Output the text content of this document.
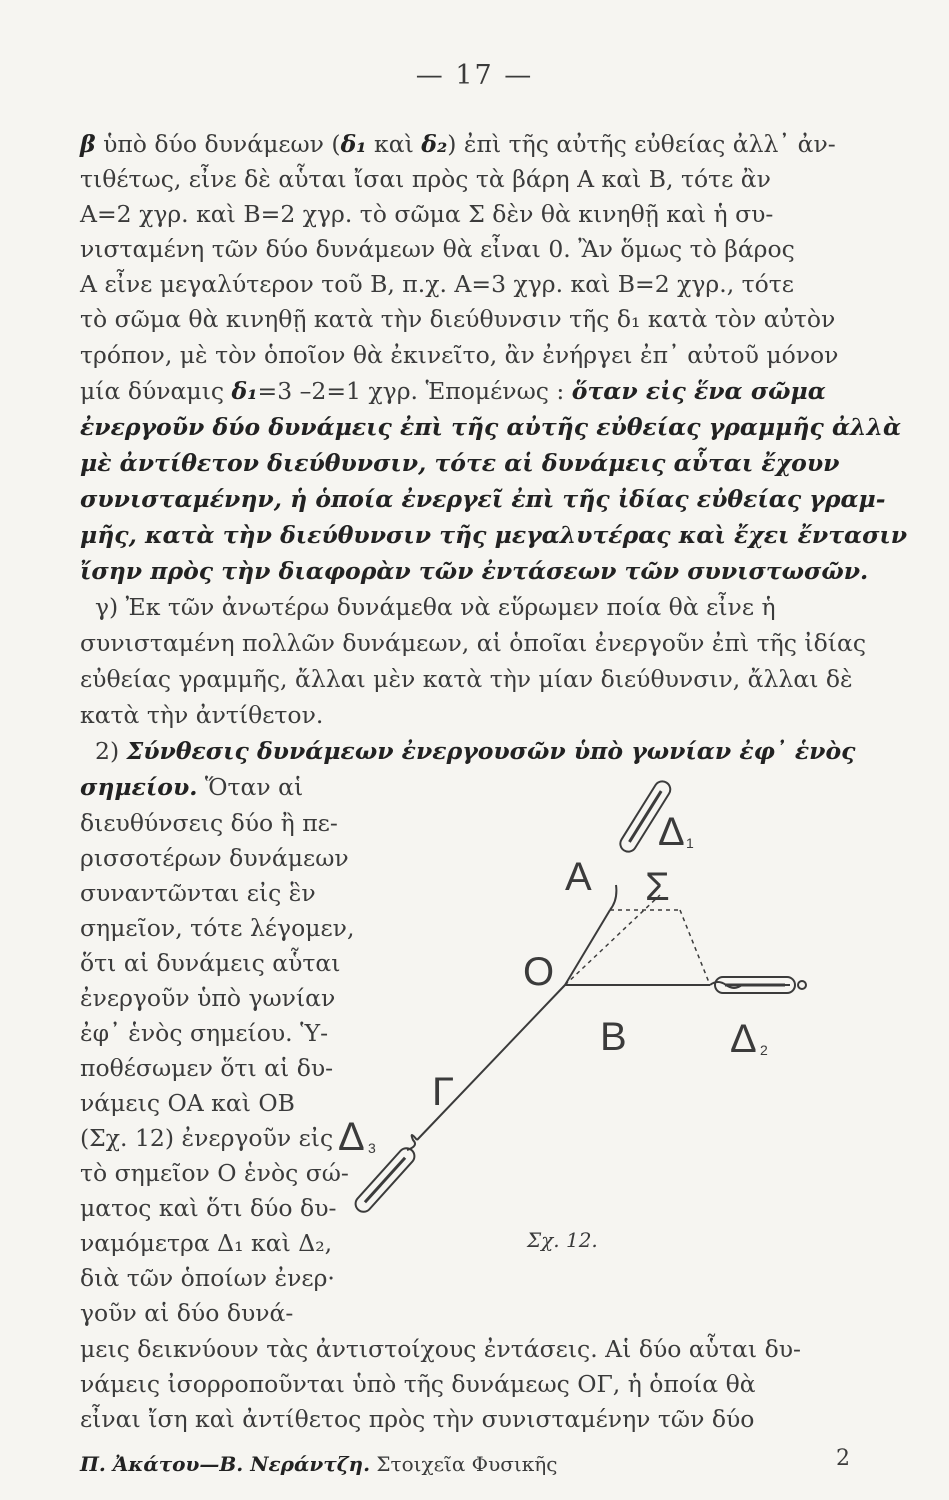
— 17 —
β ὑπὸ δύο δυνάμεων (δ₁ καὶ δ₂) ἐπὶ τῆς αὐτῆς εὐθείας ἀλλ᾽ ἀν-
τιθέτως, εἶνε δὲ αὗται ἴσαι πρὸς τὰ βάρη Α καὶ Β, τότε ἂν
Α=2 χγρ. καὶ Β=2 χγρ. τὸ σῶμα Σ δὲν θὰ κινηθῇ καὶ ἡ συ-
νισταμένη τῶν δύο δυνάμεων θὰ εἶναι 0. Ἂν ὅμως τὸ βάρος
Α εἶνε μεγαλύτερον τοῦ Β, π.χ. Α=3 χγρ. καὶ Β=2 χγρ., τότε
τὸ σῶμα θὰ κινηθῇ κατὰ τὴν διεύθυνσιν τῆς δ₁ κατὰ τὸν αὐτὸν
τρόπον, μὲ τὸν ὁποῖον θὰ ἐκινεῖτο, ἂν ἐνήργει ἐπ᾽ αὐτοῦ μόνον
μία δύναμις δ₁=3 –2=1 χγρ. Ἑπομένως : ὅταν εἰς ἕνα σῶμα
ἐνεργοῦν δύο δυνάμεις ἐπὶ τῆς αὐτῆς εὐθείας γραμμῆς ἀλλὰ
μὲ ἀντίθετον διεύθυνσιν, τότε αἱ δυνάμεις αὗται ἔχουν
συνισταμένην, ἡ ὁποία ἐνεργεῖ ἐπὶ τῆς ἰδίας εὐθείας γραμ-
μῆς, κατὰ τὴν διεύθυνσιν τῆς μεγαλυτέρας καὶ ἔχει ἔντασιν
ἴσην πρὸς τὴν διαφορὰν τῶν ἐντάσεων τῶν συνιστωσῶν.
γ) Ἐκ τῶν ἀνωτέρω δυνάμεθα νὰ εὕρωμεν ποία θὰ εἶνε ἡ
συνισταμένη πολλῶν δυνάμεων, αἱ ὁποῖαι ἐνεργοῦν ἐπὶ τῆς ἰδίας
εὐθείας γραμμῆς, ἄλλαι μὲν κατὰ τὴν μίαν διεύθυνσιν, ἄλλαι δὲ
κατὰ τὴν ἀντίθετον.
2) Σύνθεσις δυνάμεων ἐνεργουσῶν ὑπὸ γωνίαν ἐφ᾽ ἑνὸς
σημείου. Ὅταν αἱ
διευθύνσεις δύο ἢ πε-
ρισσοτέρων δυνάμεων
συναντῶνται εἰς ἓν
σημεῖον, τότε λέγομεν,
ὅτι αἱ δυνάμεις αὗται
ἐνεργοῦν ὑπὸ γωνίαν
ἐφ᾽ ἑνὸς σημείου. Ὑ-
ποθέσωμεν ὅτι αἱ δυ-
νάμεις ΟΑ καὶ ΟΒ
(Σχ. 12) ἐνεργοῦν εἰς
τὸ σημεῖον Ο ἑνὸς σώ-
ματος καὶ ὅτι δύο δυ-
ναμόμετρα Δ₁ καὶ Δ₂,
διὰ τῶν ὁποίων ἐνερ·
γοῦν αἱ δύο δυνά-
μεις δεικνύουν τὰς ἀντιστοίχους ἐντάσεις. Αἱ δύο αὗται δυ-
νάμεις ἰσορροποῦνται ὑπὸ τῆς δυνάμεως ΟΓ, ἡ ὁποία θὰ
εἶναι ἴση καὶ ἀντίθετος πρὸς τὴν συνισταμένην τῶν δύο
Α Σ
Ο
Β
Γ
Δ 1
Δ 2
Δ 3
Σχ. 12.
Π. Ἀκάτου—Β. Νεράντζη. Στοιχεῖα Φυσικῆς	2
